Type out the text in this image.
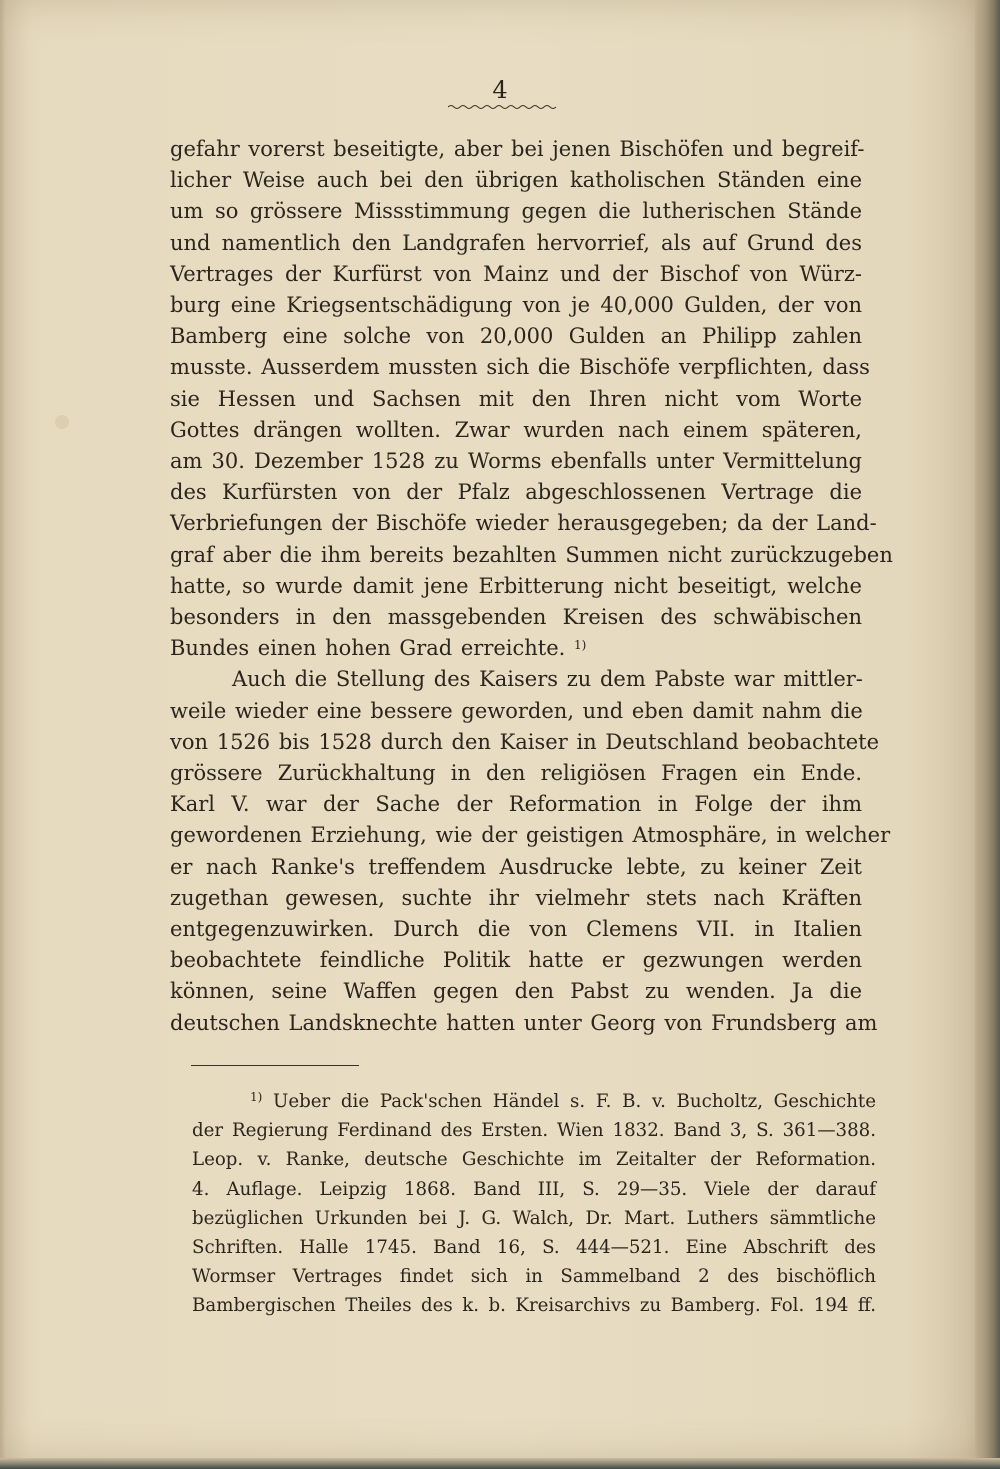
4
gefahr vorerst beseitigte, aber bei jenen Bischöfen und begreif-
licher Weise auch bei den übrigen katholischen Ständen eine
um so grössere Missstimmung gegen die lutherischen Stände
und namentlich den Landgrafen hervorrief, als auf Grund des
Vertrages der Kurfürst von Mainz und der Bischof von Würz-
burg eine Kriegsentschädigung von je 40,000 Gulden, der von
Bamberg eine solche von 20,000 Gulden an Philipp zahlen
musste. Ausserdem mussten sich die Bischöfe verpflichten, dass
sie Hessen und Sachsen mit den Ihren nicht vom Worte
Gottes drängen wollten. Zwar wurden nach einem späteren,
am 30. Dezember 1528 zu Worms ebenfalls unter Vermittelung
des Kurfürsten von der Pfalz abgeschlossenen Vertrage die
Verbriefungen der Bischöfe wieder herausgegeben; da der Land-
graf aber die ihm bereits bezahlten Summen nicht zurückzugeben
hatte, so wurde damit jene Erbitterung nicht beseitigt, welche
besonders in den massgebenden Kreisen des schwäbischen
Bundes einen hohen Grad erreichte. $^{1)}$
Auch die Stellung des Kaisers zu dem Pabste war mittler-
weile wieder eine bessere geworden, und eben damit nahm die
von 1526 bis 1528 durch den Kaiser in Deutschland beobachtete
grössere Zurückhaltung in den religiösen Fragen ein Ende.
Karl V. war der Sache der Reformation in Folge der ihm
gewordenen Erziehung, wie der geistigen Atmosphäre, in welcher
er nach Ranke's treffendem Ausdrucke lebte, zu keiner Zeit
zugethan gewesen, suchte ihr vielmehr stets nach Kräften
entgegenzuwirken. Durch die von Clemens VII. in Italien
beobachtete feindliche Politik hatte er gezwungen werden
können, seine Waffen gegen den Pabst zu wenden. Ja die
deutschen Landsknechte hatten unter Georg von Frundsberg am
$^{1)}$ Ueber die Pack'schen Händel s. F. B. v. Bucholtz, Geschichte
der Regierung Ferdinand des Ersten. Wien 1832. Band 3, S. 361—388.
Leop. v. Ranke, deutsche Geschichte im Zeitalter der Reformation.
4. Auflage. Leipzig 1868. Band III, S. 29—35. Viele der darauf
bezüglichen Urkunden bei J. G. Walch, Dr. Mart. Luthers sämmtliche
Schriften. Halle 1745. Band 16, S. 444—521. Eine Abschrift des
Wormser Vertrages findet sich in Sammelband 2 des bischöflich
Bambergischen Theiles des k. b. Kreisarchivs zu Bamberg. Fol. 194 ff.
